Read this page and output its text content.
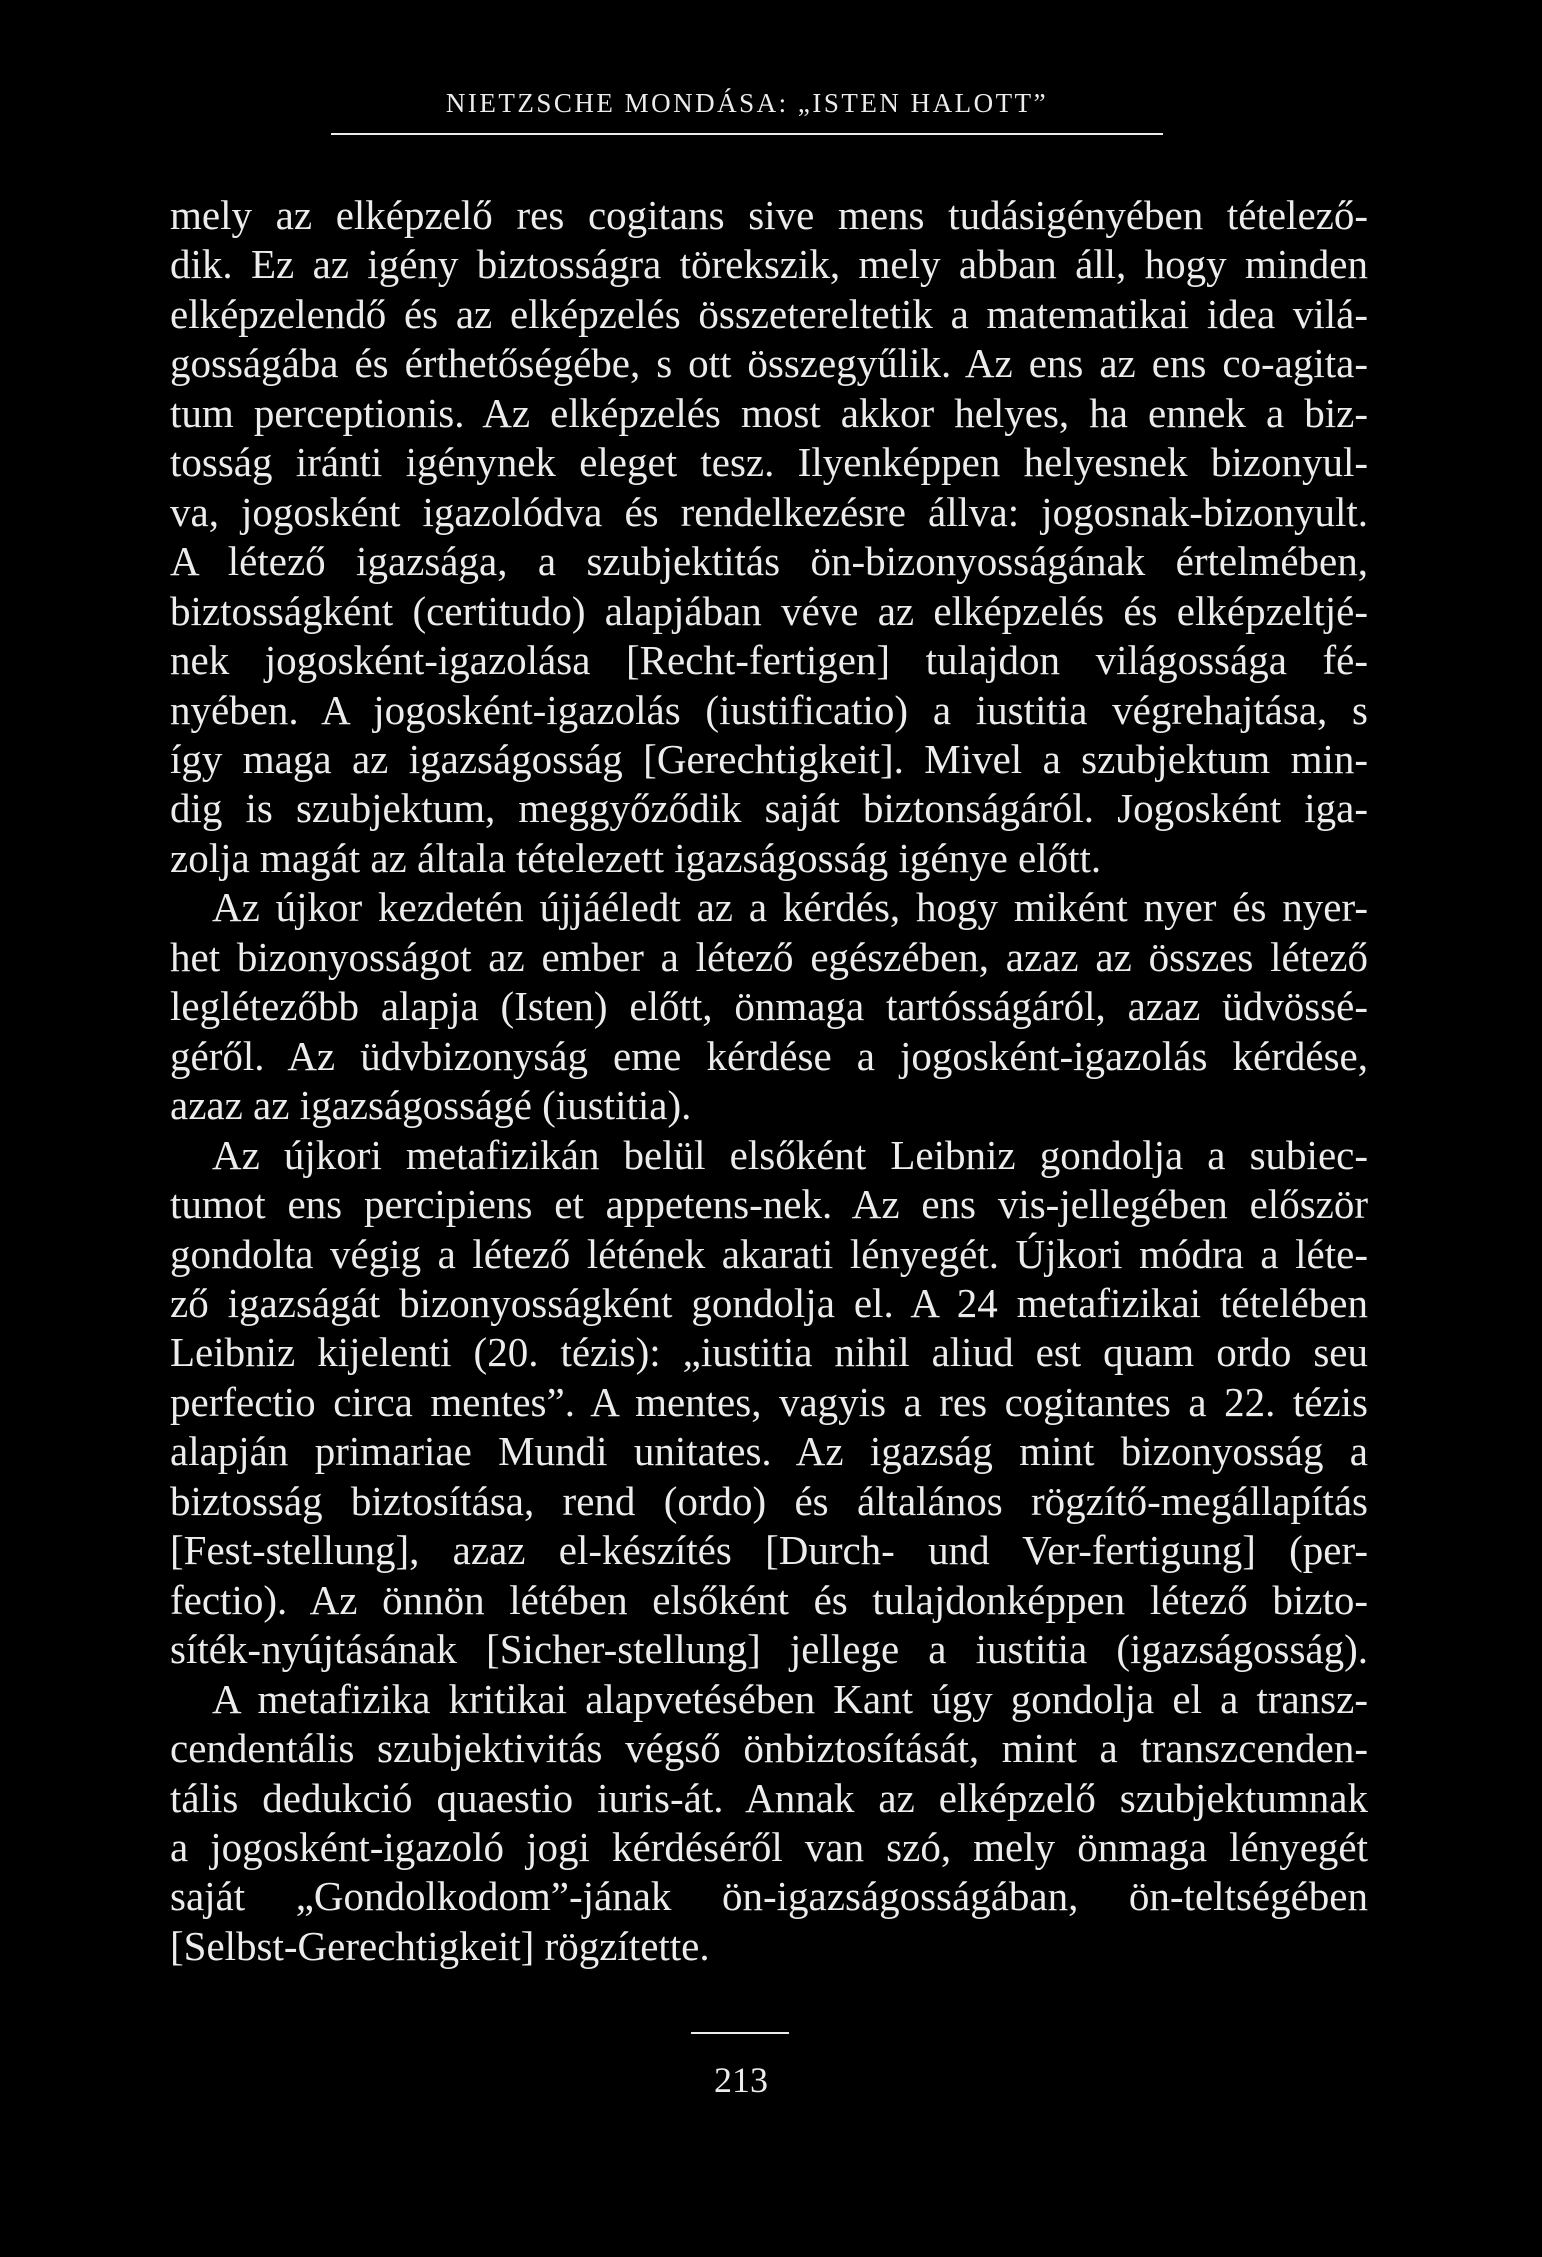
NIETZSCHE MONDÁSA: „ISTEN HALOTT”
mely az elképzelő res cogitans sive mens tudásigényében tételező-
dik. Ez az igény biztosságra törekszik, mely abban áll, hogy minden
elképzelendő és az elképzelés összetereltetik a matematikai idea vilá-
gosságába és érthetőségébe, s ott összegyűlik. Az ens az ens co-agita-
tum perceptionis. Az elképzelés most akkor helyes, ha ennek a biz-
tosság iránti igénynek eleget tesz. Ilyenképpen helyesnek bizonyul-
va, jogosként igazolódva és rendelkezésre állva: jogosnak-bizonyult.
A létező igazsága, a szubjektitás ön-bizonyosságának értelmében,
biztosságként (certitudo) alapjában véve az elképzelés és elképzeltjé-
nek jogosként-igazolása [Recht-fertigen] tulajdon világossága fé-
nyében. A jogosként-igazolás (iustificatio) a iustitia végrehajtása, s
így maga az igazságosság [Gerechtigkeit]. Mivel a szubjektum min-
dig is szubjektum, meggyőződik saját biztonságáról. Jogosként iga-
zolja magát az általa tételezett igazságosság igénye előtt.
Az újkor kezdetén újjáéledt az a kérdés, hogy miként nyer és nyer-
het bizonyosságot az ember a létező egészében, azaz az összes létező
leglétezőbb alapja (Isten) előtt, önmaga tartósságáról, azaz üdvössé-
géről. Az üdvbizonyság eme kérdése a jogosként-igazolás kérdése,
azaz az igazságosságé (iustitia).
Az újkori metafizikán belül elsőként Leibniz gondolja a subiec-
tumot ens percipiens et appetens-nek. Az ens vis-jellegében először
gondolta végig a létező létének akarati lényegét. Újkori módra a léte-
ző igazságát bizonyosságként gondolja el. A 24 metafizikai tételében
Leibniz kijelenti (20. tézis): „iustitia nihil aliud est quam ordo seu
perfectio circa mentes”. A mentes, vagyis a res cogitantes a 22. tézis
alapján primariae Mundi unitates. Az igazság mint bizonyosság a
biztosság biztosítása, rend (ordo) és általános rögzítő-megállapítás
[Fest-stellung], azaz el-készítés [Durch- und Ver-fertigung] (per-
fectio). Az önnön létében elsőként és tulajdonképpen létező bizto-
síték-nyújtásának [Sicher-stellung] jellege a iustitia (igazságosság).
A metafizika kritikai alapvetésében Kant úgy gondolja el a transz-
cendentális szubjektivitás végső önbiztosítását, mint a transzcenden-
tális dedukció quaestio iuris-át. Annak az elképzelő szubjektumnak
a jogosként-igazoló jogi kérdéséről van szó, mely önmaga lényegét
saját „Gondolkodom”-jának ön-igazságosságában, ön-teltségében
[Selbst-Gerechtigkeit] rögzítette.
213
